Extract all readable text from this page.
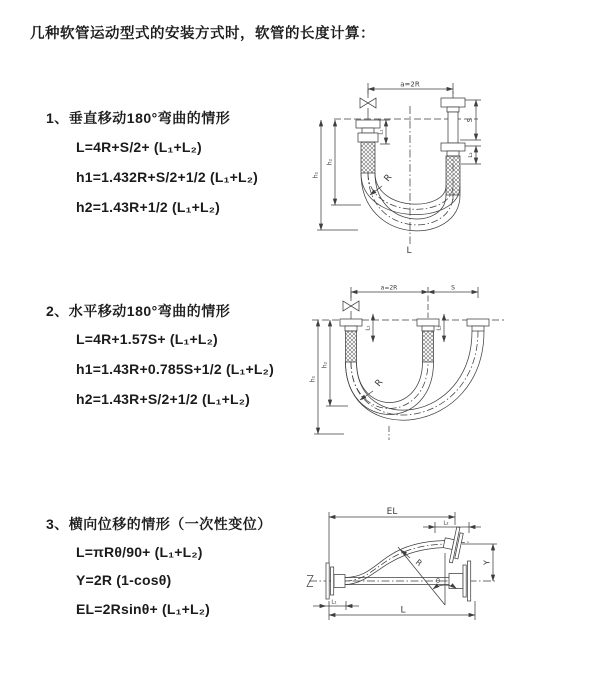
几种软管运动型式的安装方式时，软管的长度计算：
1、垂直移动180°弯曲的情形
L=4R+S/2+ (L₁+L₂)
h1=1.432R+S/2+1/2 (L₁+L₂)
h2=1.43R+1/2 (L₁+L₂)
2、水平移动180°弯曲的情形
L=4R+1.57S+ (L₁+L₂)
h1=1.43R+0.785S+1/2 (L₁+L₂)
h2=1.43R+S/2+1/2 (L₁+L₂)
3、横向位移的情形（一次性变位）
L=πRθ/90+ (L₁+L₂)
Y=2R (1-cosθ)
EL=2Rsinθ+ (L₁+L₂)
a=2R
S
L₂
h₁
h₂
L₁
R
L
a=2R	S
L₁	L₂
h₁
h₂
R
EL
L₂
Y
R
θ
L
L₁
